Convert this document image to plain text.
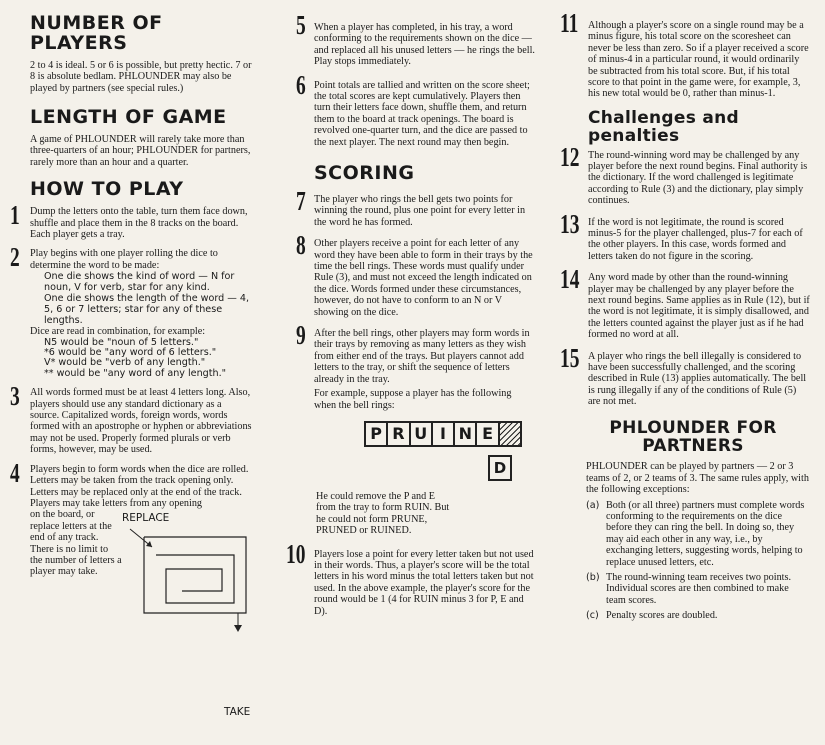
NUMBER OF PLAYERS

2 to 4 is ideal. 5 or 6 is possible, but pretty hectic. 7 or 8 is absolute bedlam. PHLOUNDER may also be played by partners (see special rules.)

LENGTH OF GAME

A game of PHLOUNDER will rarely take more than three-quarters of an hour; PHLOUNDER for partners, rarely more than an hour and a quarter.

HOW TO PLAY
1 Dump the letters onto the table, turn them face down, shuffle and place them in the 8 tracks on the board. Each player gets a tray.

2 Play begins with one player rolling the dice to determine the word to be made:

One die shows the kind of word — N for noun, V for verb, star for any kind.

One die shows the length of the word — 4, 5, 6 or 7 letters; star for any of these lengths.

Dice are read in combination, for example:

N5 would be "noun of 5 letters."

*6 would be "any word of 6 letters."

V* would be "verb of any length."

** would be "any word of any length."

3 All words formed must be at least 4 letters long. Also, players should use any standard dictionary as a source. Capitalized words, foreign words, words formed with an apostrophe or hyphen or abbreviations may not be used. Properly formed plurals or verb forms, however, may be used.

4 Players begin to form words when the dice are rolled. Letters may be taken from the track opening only. Letters may be replaced only at the end of the track. Players may take letters from any opening

on the board, or replace letters at the end of any track. There is no limit to the number of letters a player may take.

REPLACE
TAKE
5 When a player has completed, in his tray, a word conforming to the requirements shown on the dice — and replaced all his unused letters — he rings the bell. Play stops immediately.

6 Point totals are tallied and written on the score sheet; the total scores are kept cumulatively. Players then turn their letters face down, shuffle them, and return them to the board at track openings. The board is revolved one-quarter turn, and the dice are passed to the next player. The next round may then begin.

SCORING
7 The player who rings the bell gets two points for winning the round, plus one point for every letter in the word he has formed.

8 Other players receive a point for each letter of any word they have been able to form in their trays by the time the bell rings. These words must qualify under Rule (3), and must not exceed the length indicated on the dice. Words formed under these circumstances, however, do not have to conform to an N or V showing on the dice.

9 After the bell rings, other players may form words in their trays by removing as many letters as they wish from either end of the trays. But players cannot add letters to the tray, or shift the sequence of letters already in the tray.

For example, suppose a player has the following when the bell rings:

P R U I N E
D

He could remove the P and E from the tray to form RUIN. But he could not form PRUNE, PRUNED or RUINED.

10 Players lose a point for every letter taken but not used in their words. Thus, a player's score will be the total letters in his word minus the total letters taken but not used. In the above example, the player's score for the round would be 1 (4 for RUIN minus 3 for P, E and D).

11 Although a player's score on a single round may be a minus figure, his total score on the scoresheet can never be less than zero. So if a player received a score of minus-4 in a particular round, it would ordinarily be subtracted from his total score. But, if his total score to that point in the game were, for example, 3, his new total would be 0, rather than minus-1.

Challenges and penalties
12 The round-winning word may be challenged by any player before the next round begins. Final authority is the dictionary. If the word challenged is legitimate according to Rule (3) and the dictionary, play simply continues.

13 If the word is not legitimate, the round is scored minus-5 for the player challenged, plus-7 for each of the other players. In this case, words formed and letters taken do not figure in the scoring.

14 Any word made by other than the round-winning player may be challenged by any player before the next round begins. Same applies as in Rule (12), but if the word is not legitimate, it is simply disallowed, and the letters counted against the player just as if he had formed no word at all.

15 A player who rings the bell illegally is considered to have been successfully challenged, and the scoring described in Rule (13) applies automatically. The bell is rung illegally if any of the conditions of Rule (5) are not met.

PHLOUNDER FOR
PARTNERS

PHLOUNDER can be played by partners — 2 or 3 teams of 2, or 2 teams of 3. The same rules apply, with the following exceptions:

(a) Both (or all three) partners must complete words conforming to the requirements on the dice before they can ring the bell. In doing so, they may aid each other in any way, i.e., by exchanging letters, suggesting words, helping to replace unused letters, etc.

(b) The round-winning team receives two points. Individual scores are then combined to make team scores.

(c) Penalty scores are doubled.
